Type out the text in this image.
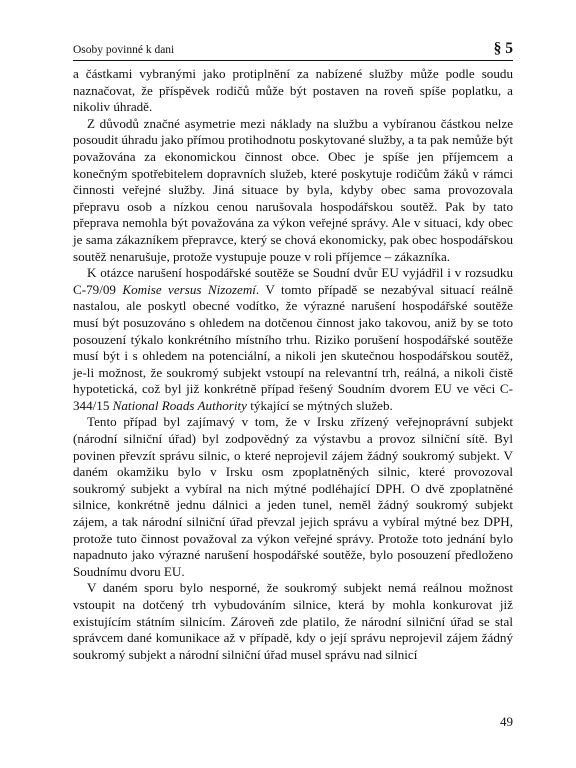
Osoby povinné k dani	§ 5

a částkami vybranými jako protiplnění za nabízené služby může podle soudu naznačovat, že příspěvek rodičů může být postaven na roveň spíše poplatku, a nikoliv úhradě.

Z důvodů značné asymetrie mezi náklady na službu a vybíranou částkou nelze posoudit úhradu jako přímou protihodnotu poskytované služby, a ta pak nemůže být považována za ekonomickou činnost obce. Obec je spíše jen příjemcem a konečným spotřebitelem dopravních služeb, které poskytuje rodičům žáků v rámci činnosti veřejné služby. Jiná situace by byla, kdyby obec sama provozovala přepravu osob a nízkou cenou narušovala hospodářskou soutěž. Pak by tato přeprava nemohla být považována za výkon veřejné správy. Ale v situaci, kdy obec je sama zákazníkem přepravce, který se chová ekonomicky, pak obec hospodářskou soutěž nenarušuje, protože vystupuje pouze v roli příjemce – zákazníka.

K otázce narušení hospodářské soutěže se Soudní dvůr EU vyjádřil i v rozsudku C-79/09 Komise versus Nizozemí. V tomto případě se nezabýval situací reálně nastalou, ale poskytl obecné vodítko, že výrazné narušení hospodářské soutěže musí být posuzováno s ohledem na dotčenou činnost jako takovou, aniž by se toto posouzení týkalo konkrétního místního trhu. Riziko porušení hospodářské soutěže musí být i s ohledem na potenciální, a nikoli jen skutečnou hospodářskou soutěž, je-li možnost, že soukromý subjekt vstoupí na relevantní trh, reálná, a nikoli čistě hypotetická, což byl již konkrétně případ řešený Soudním dvorem EU ve věci C-344/15 National Roads Authority týkající se mýtných služeb.

Tento případ byl zajímavý v tom, že v Irsku zřízený veřejnoprávní subjekt (národní silniční úřad) byl zodpovědný za výstavbu a provoz silniční sítě. Byl povinen převzít správu silnic, o které neprojevil zájem žádný soukromý subjekt. V daném okamžiku bylo v Irsku osm zpoplatněných silnic, které provozoval soukromý subjekt a vybíral na nich mýtné podléhající DPH. O dvě zpoplatněné silnice, konkrétně jednu dálnici a jeden tunel, neměl žádný soukromý subjekt zájem, a tak národní silniční úřad převzal jejich správu a vybíral mýtné bez DPH, protože tuto činnost považoval za výkon veřejné správy. Protože toto jednání bylo napadnuto jako výrazné narušení hospodářské soutěže, bylo posouzení předloženo Soudnímu dvoru EU.

V daném sporu bylo nesporné, že soukromý subjekt nemá reálnou možnost vstoupit na dotčený trh vybudováním silnice, která by mohla konkurovat již existujícím státním silnicím. Zároveň zde platilo, že národní silniční úřad se stal správcem dané komunikace až v případě, kdy o její správu neprojevil zájem žádný soukromý subjekt a národní silniční úřad musel správu nad silnicí

49
